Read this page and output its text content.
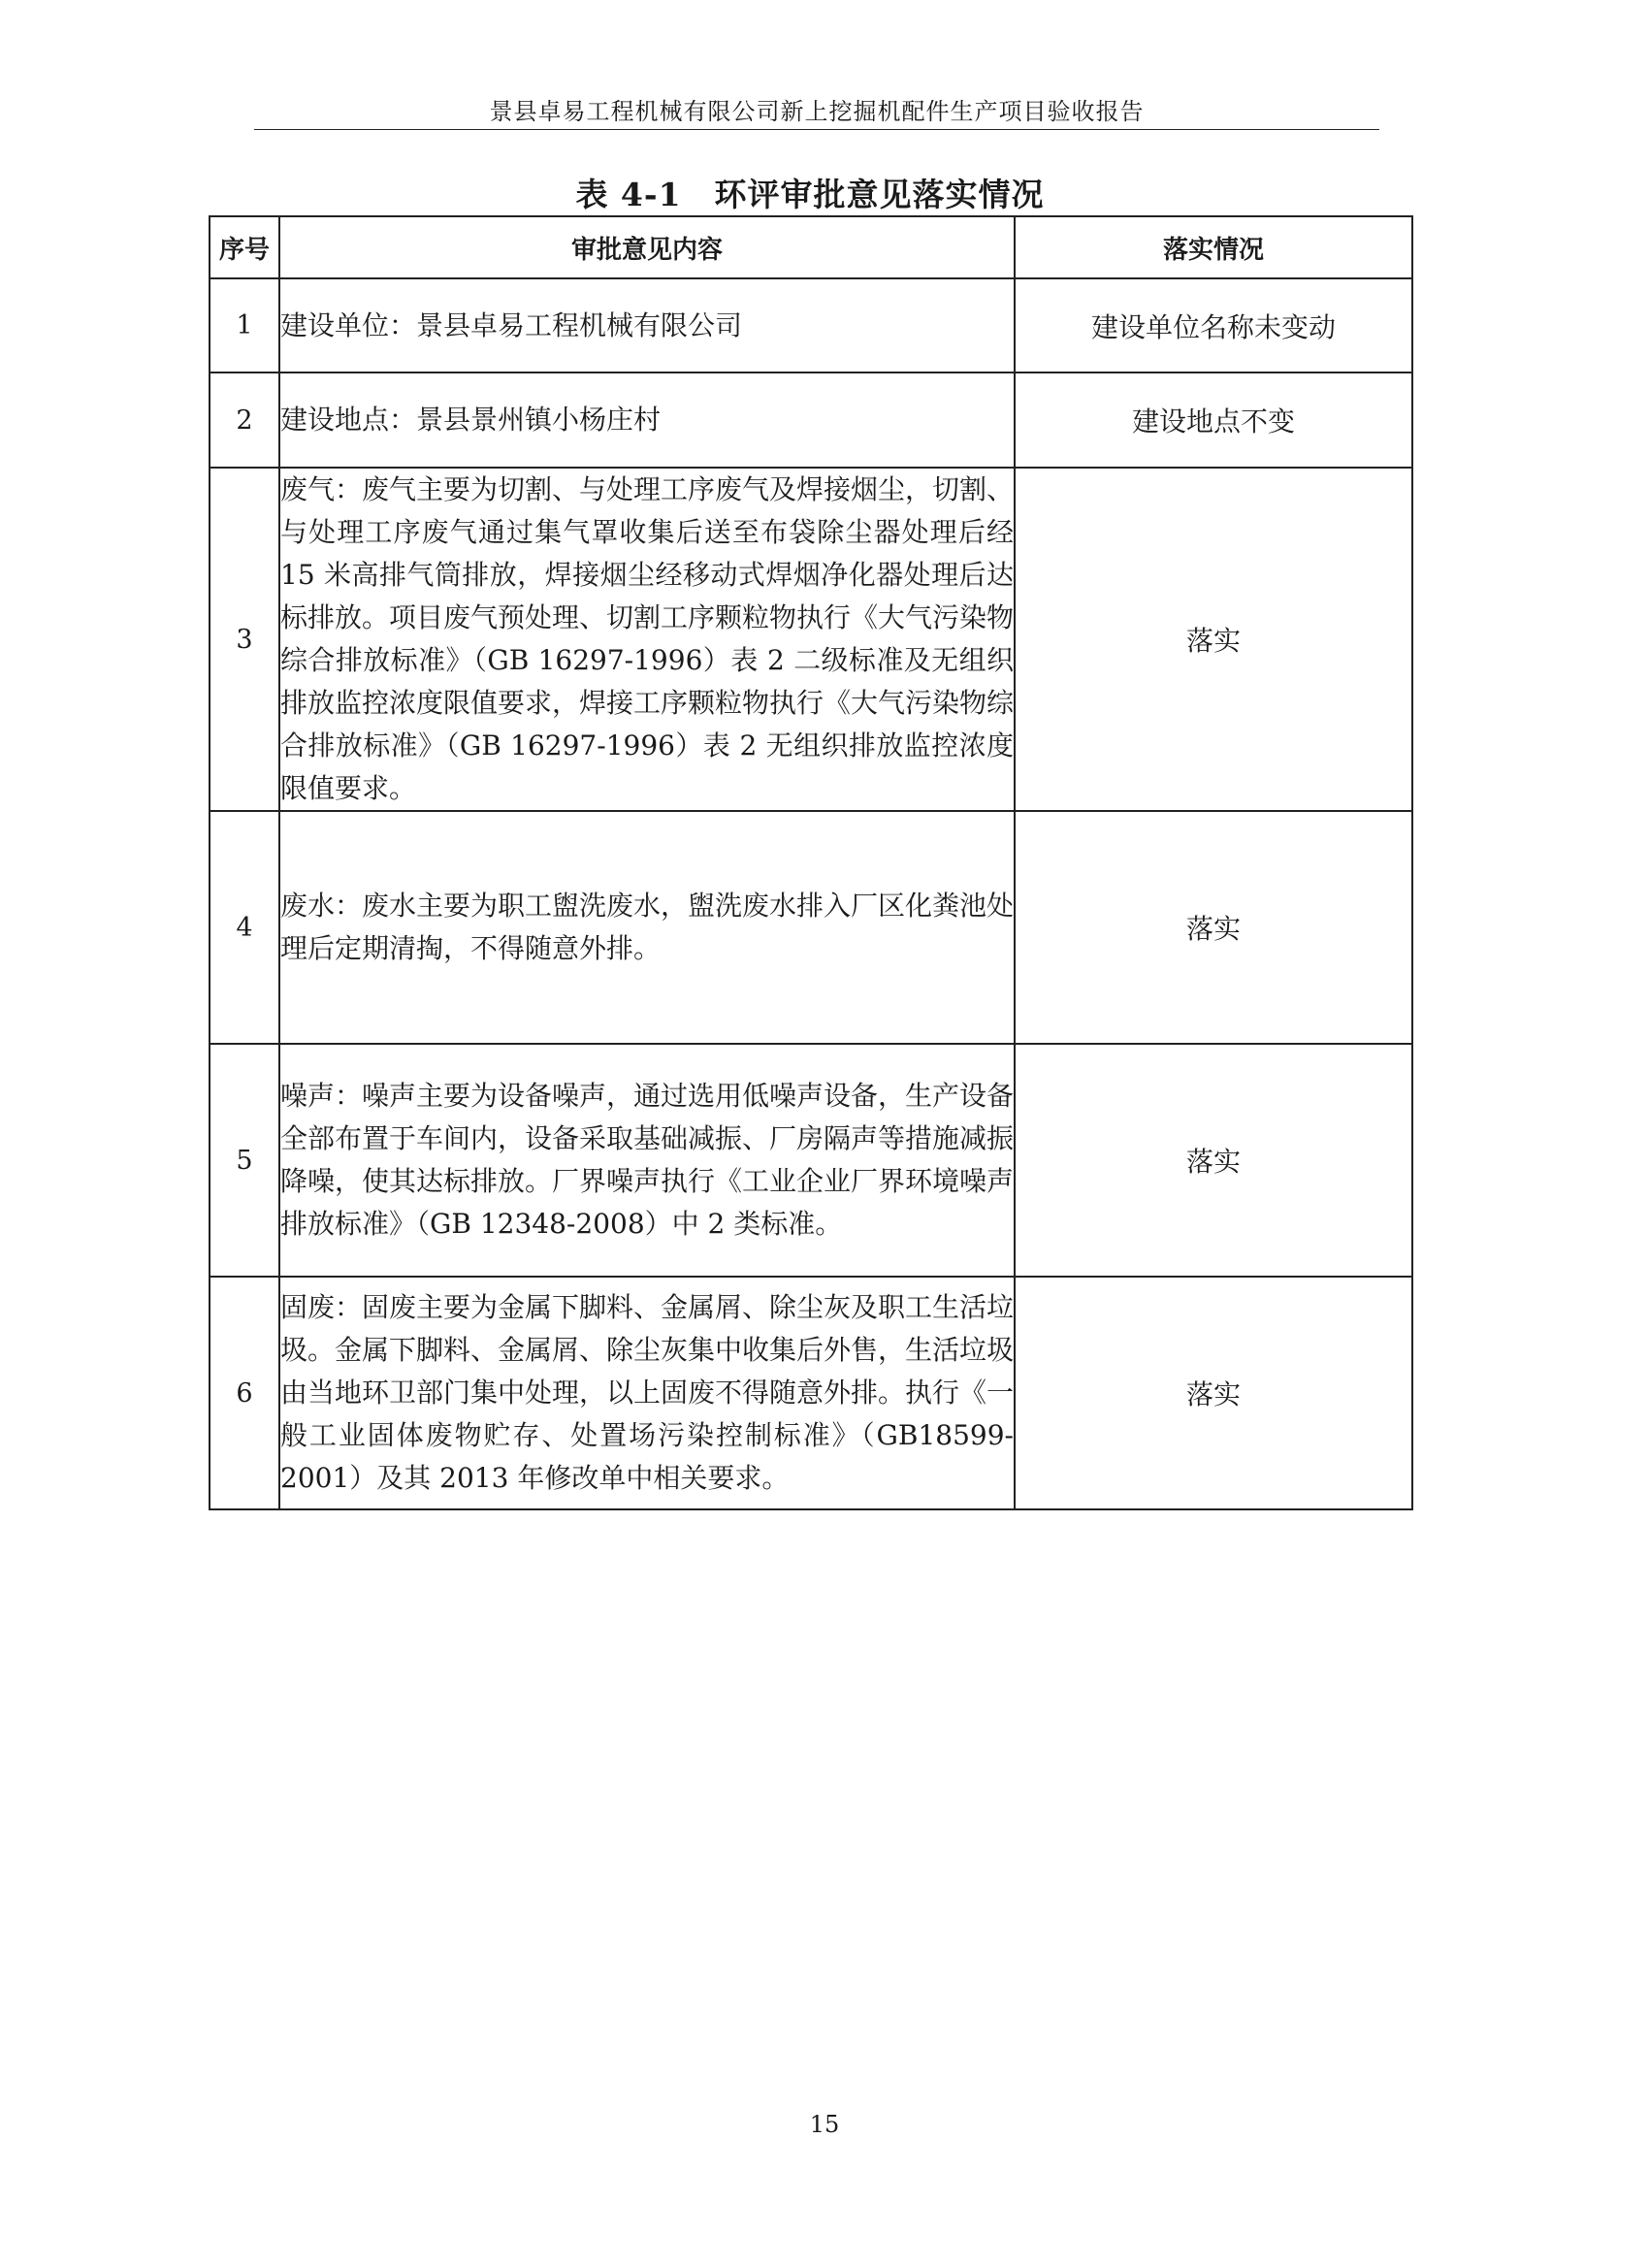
景县卓易工程机械有限公司新上挖掘机配件生产项目验收报告
表 4-1　环评审批意见落实情况
序号	审批意见内容	落实情况
1	建设单位：景县卓易工程机械有限公司	建设单位名称未变动
2	建设地点：景县景州镇小杨庄村	建设地点不变
3	废气：废气主要为切割、与处理工序废气及焊接烟尘，切割、与处理工序废气通过集气罩收集后送至布袋除尘器处理后经 15 米高排气筒排放，焊接烟尘经移动式焊烟净化器处理后达标排放。项目废气预处理、切割工序颗粒物执行《大气污染物综合排放标准》（GB 16297-1996）表 2 二级标准及无组织排放监控浓度限值要求，焊接工序颗粒物执行《大气污染物综合排放标准》（GB 16297-1996）表 2 无组织排放监控浓度限值要求。	落实
4	废水：废水主要为职工盥洗废水，盥洗废水排入厂区化粪池处理后定期清掏，不得随意外排。	落实
5	噪声：噪声主要为设备噪声，通过选用低噪声设备，生产设备全部布置于车间内，设备采取基础减振、厂房隔声等措施减振降噪，使其达标排放。厂界噪声执行《工业企业厂界环境噪声排放标准》（GB 12348-2008）中 2 类标准。	落实
6	固废：固废主要为金属下脚料、金属屑、除尘灰及职工生活垃圾。金属下脚料、金属屑、除尘灰集中收集后外售，生活垃圾由当地环卫部门集中处理，以上固废不得随意外排。执行《一般工业固体废物贮存、处置场污染控制标准》（GB18599-2001）及其 2013 年修改单中相关要求。	落实
15
